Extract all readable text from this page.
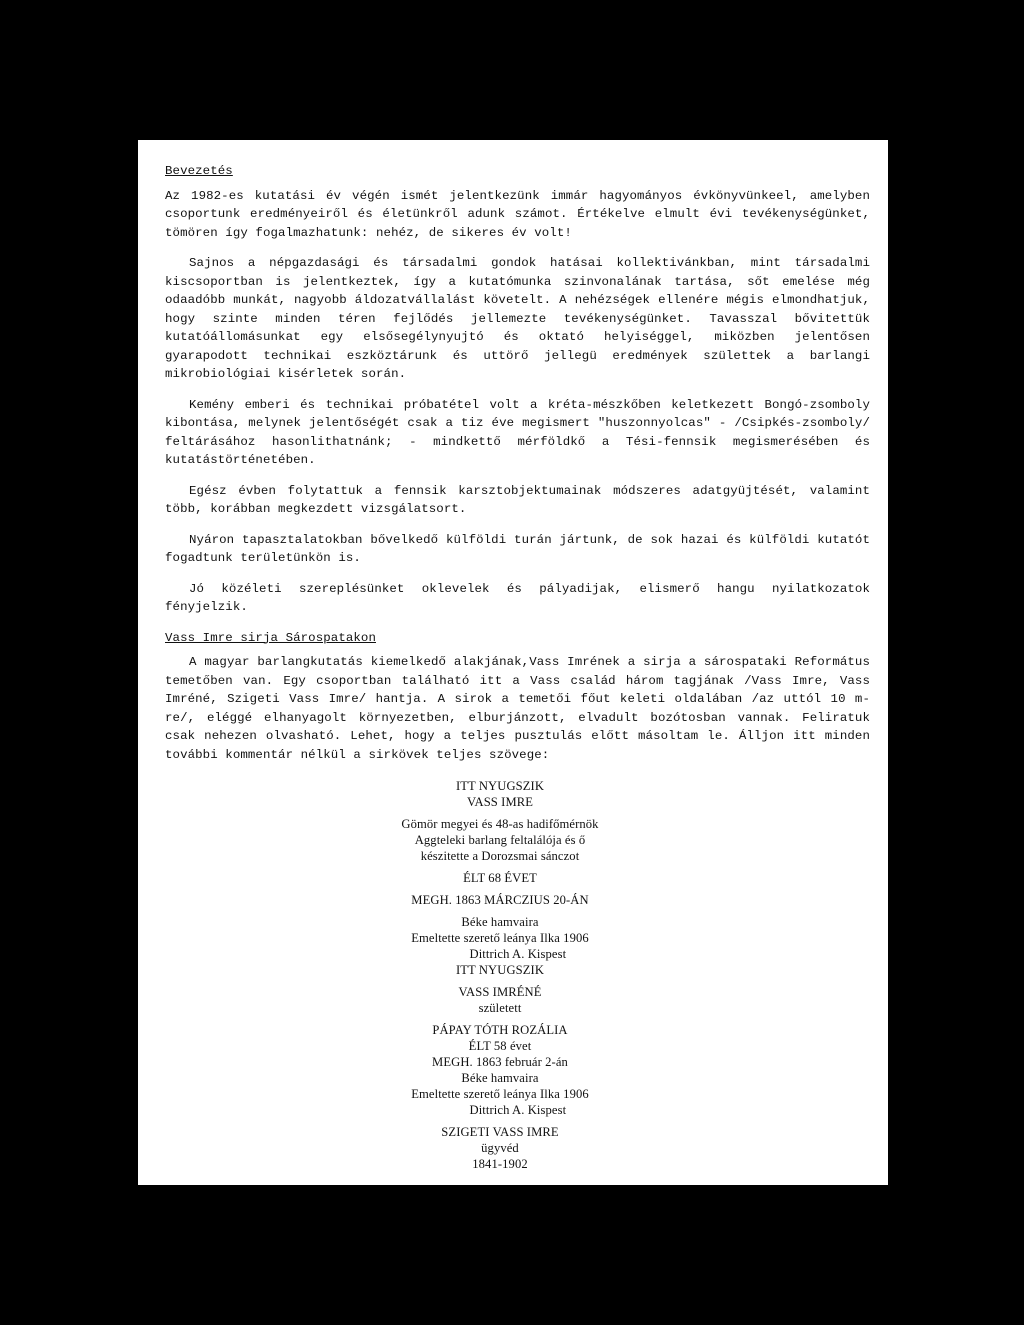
Bevezetés

Az 1982-es kutatási év végén ismét jelentkezünk immár hagyományos évkönyvünkeel, amelyben csoportunk eredményeiről és életünkről adunk számot. Értékelve elmult évi tevékenységünket, tömören így fogalmazhatunk: nehéz, de sikeres év volt!

Sajnos a népgazdasági és társadalmi gondok hatásai kollektivánkban, mint társadalmi kiscsoportban is jelentkeztek, így a kutatómunka szinvonalának tartása, sőt emelése még odaadóbb munkát, nagyobb áldozatvállalást követelt. A nehézségek ellenére mégis elmondhatjuk, hogy szinte minden téren fejlődés jellemezte tevékenységünket. Tavasszal bővitettük kutatóállomásunkat egy elsősegélynyujtó és oktató helyiséggel, miközben jelentősen gyarapodott technikai eszköztárunk és uttörő jellegü eredmények születtek a barlangi mikrobiológiai kisérletek során.

Kemény emberi és technikai próbatétel volt a kréta-mészkőben keletkezett Bongó-zsomboly kibontása, melynek jelentőségét csak a tiz éve megismert "huszonnyolcas" - /Csipkés-zsomboly/ feltárásához hasonlithatnánk; - mindkettő mérföldkő a Tési-fennsik megismerésében és kutatástörténetében.

Egész évben folytattuk a fennsik karsztobjektumainak módszeres adatgyüjtését, valamint több, korábban megkezdett vizsgálatsort.

Nyáron tapasztalatokban bővelkedő külföldi turán jártunk, de sok hazai és külföldi kutatót fogadtunk területünkön is.

Jó közéleti szereplésünket oklevelek és pályadijak, elismerő hangu nyilatkozatok fényjelzik.

Vass Imre sirja Sárospatakon

A magyar barlangkutatás kiemelkedő alakjának,Vass Imrének a sirja a sárospataki Református temetőben van. Egy csoportban található itt a Vass család három tagjának /Vass Imre, Vass Imréné, Szigeti Vass Imre/ hantja. A sirok a temetői főut keleti oldalában /az uttól 10 m-re/, eléggé elhanyagolt környezetben, elburjánzott, elvadult bozótosban vannak. Feliratuk csak nehezen olvasható. Lehet, hogy a teljes pusztulás előtt másoltam le. Álljon itt minden további kommentár nélkül a sirkövek teljes szövege:

ITT NYUGSZIK
VASS IMRE
Gömör megyei és 48-as hadifőmérnök
Aggteleki barlang feltalálója és ő
készitette a Dorozsmai sánczot
ÉLT 68 ÉVET
MEGH. 1863 MÁRCZIUS 20-ÁN
Béke hamvaira
Emeltette szerető leánya Ilka 1906
Dittrich A. Kispest
ITT NYUGSZIK
VASS IMRÉNÉ
született
PÁPAY TÓTH ROZÁLIA
ÉLT 58 évet
MEGH. 1863 február 2-án
Béke hamvaira
Emeltette szerető leánya Ilka 1906
Dittrich A. Kispest
SZIGETI VASS IMRE
ügyvéd
1841-1902
